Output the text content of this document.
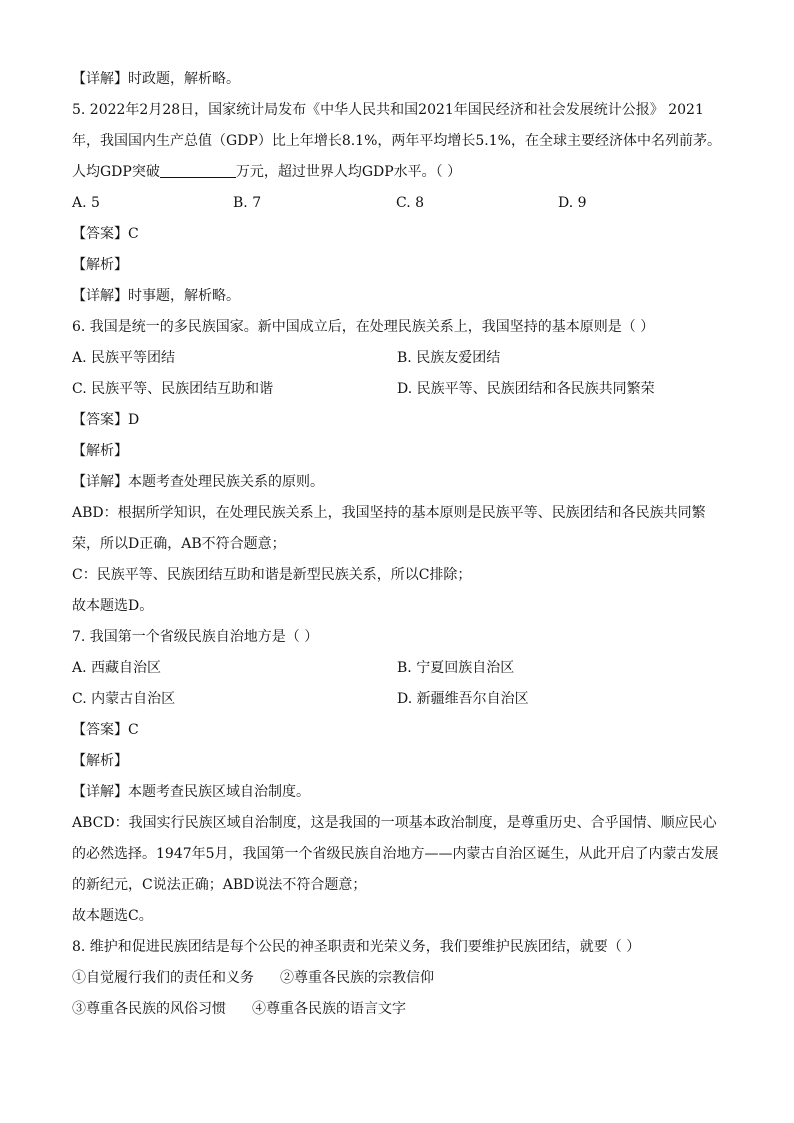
【详解】时政题，解析略。
5. 2022年2月28日，国家统计局发布《中华人民共和国2021年国民经济和社会发展统计公报》 2021
年，我国国内生产总值（GDP）比上年增长8.1%，两年平均增长5.1%，在全球主要经济体中名列前茅。
人均GDP突破	万元，超过世界人均GDP水平。（ ）
A. 5	B. 7	C. 8	D. 9
【答案】C
【解析】
【详解】时事题，解析略。
6. 我国是统一的多民族国家。新中国成立后，在处理民族关系上，我国坚持的基本原则是（ ）
A. 民族平等团结	B. 民族友爱团结
C. 民族平等、民族团结互助和谐	D. 民族平等、民族团结和各民族共同繁荣
【答案】D
【解析】
【详解】本题考查处理民族关系的原则。
ABD：根据所学知识，在处理民族关系上，我国坚持的基本原则是民族平等、民族团结和各民族共同繁
荣，所以D正确，AB不符合题意；
C：民族平等、民族团结互助和谐是新型民族关系，所以C排除；
故本题选D。
7. 我国第一个省级民族自治地方是（ ）
A. 西藏自治区	B. 宁夏回族自治区
C. 内蒙古自治区	D. 新疆维吾尔自治区
【答案】C
【解析】
【详解】本题考查民族区域自治制度。
ABCD：我国实行民族区域自治制度，这是我国的一项基本政治制度，是尊重历史、合乎国情、顺应民心
的必然选择。1947年5月，我国第一个省级民族自治地方——内蒙古自治区诞生，从此开启了内蒙古发展
的新纪元，C说法正确；ABD说法不符合题意；
故本题选C。
8. 维护和促进民族团结是每个公民的神圣职责和光荣义务，我们要维护民族团结，就要（ ）
①自觉履行我们的责任和义务 ②尊重各民族的宗教信仰
③尊重各民族的风俗习惯 ④尊重各民族的语言文字
